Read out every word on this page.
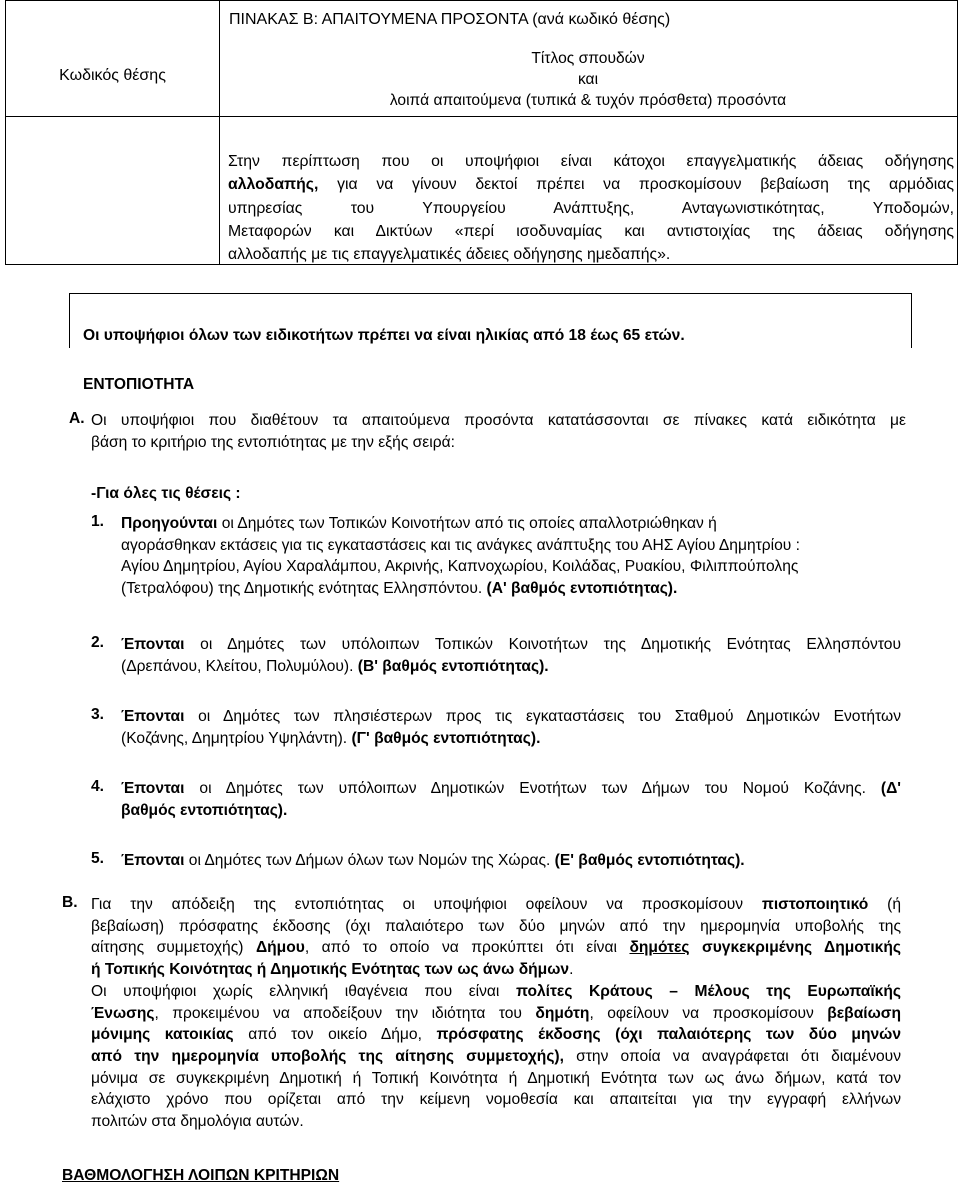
ΠΙΝΑΚΑΣ Β: ΑΠΑΙΤΟΥΜΕΝΑ ΠΡΟΣΟΝΤΑ (ανά κωδικό θέσης)
Κωδικός θέσης
Τίτλος σπουδών
και
λοιπά απαιτούμενα (τυπικά & τυχόν πρόσθετα) προσόντα
Στην περίπτωση που οι υποψήφιοι είναι κάτοχοι επαγγελματικής άδειας οδήγησης
αλλοδαπής, για να γίνουν δεκτοί πρέπει να προσκομίσουν βεβαίωση της αρμόδιας
υπηρεσίας του Υπουργείου Ανάπτυξης, Ανταγωνιστικότητας, Υποδομών,
Μεταφορών και Δικτύων «περί ισοδυναμίας και αντιστοιχίας της άδειας οδήγησης
αλλοδαπής με τις επαγγελματικές άδειες οδήγησης ημεδαπής».
Οι υποψήφιοι όλων των ειδικοτήτων πρέπει να είναι ηλικίας από 18 έως 65 ετών.
ΕΝΤΟΠΙΟΤΗΤΑ
Α. Οι υποψήφιοι που διαθέτουν τα απαιτούμενα προσόντα κατατάσσονται σε πίνακες κατά ειδικότητα με
βάση το κριτήριο της εντοπιότητας με την εξής σειρά:
-Για όλες τις θέσεις :
1. Προηγούνται οι Δημότες των Τοπικών Κοινοτήτων από τις οποίες απαλλοτριώθηκαν ή
αγοράσθηκαν εκτάσεις για τις εγκαταστάσεις και τις ανάγκες ανάπτυξης του ΑΗΣ Αγίου Δημητρίου :
Αγίου Δημητρίου, Αγίου Χαραλάμπου, Ακρινής, Καπνοχωρίου, Κοιλάδας, Ρυακίου, Φιλιππούπολης
(Τετραλόφου) της Δημοτικής ενότητας Ελλησπόντου. (Α' βαθμός εντοπιότητας).
2. Έπονται οι Δημότες των υπόλοιπων Τοπικών Κοινοτήτων της Δημοτικής Ενότητας Ελλησπόντου
(Δρεπάνου, Κλείτου, Πολυμύλου). (Β' βαθμός εντοπιότητας).
3. Έπονται οι Δημότες των πλησιέστερων προς τις εγκαταστάσεις του Σταθμού Δημοτικών Ενοτήτων
(Κοζάνης, Δημητρίου Υψηλάντη). (Γ' βαθμός εντοπιότητας).
4. Έπονται οι Δημότες των υπόλοιπων Δημοτικών Ενοτήτων των Δήμων του Νομού Κοζάνης. (Δ'
βαθμός εντοπιότητας).
5. Έπονται οι Δημότες των Δήμων όλων των Νομών της Χώρας. (Ε' βαθμός εντοπιότητας).
Β. Για την απόδειξη της εντοπιότητας οι υποψήφιοι οφείλουν να προσκομίσουν πιστοποιητικό (ή
βεβαίωση) πρόσφατης έκδοσης (όχι παλαιότερο των δύο μηνών από την ημερομηνία υποβολής της
αίτησης συμμετοχής) Δήμου, από το οποίο να προκύπτει ότι είναι δημότες συγκεκριμένης Δημοτικής
ή Τοπικής Κοινότητας ή Δημοτικής Ενότητας των ως άνω δήμων.
Οι υποψήφιοι χωρίς ελληνική ιθαγένεια που είναι πολίτες Κράτους – Μέλους της Ευρωπαϊκής
Ένωσης, προκειμένου να αποδείξουν την ιδιότητα του δημότη, οφείλουν να προσκομίσουν βεβαίωση
μόνιμης κατοικίας από τον οικείο Δήμο, πρόσφατης έκδοσης (όχι παλαιότερης των δύο μηνών
από την ημερομηνία υποβολής της αίτησης συμμετοχής), στην οποία να αναγράφεται ότι διαμένουν
μόνιμα σε συγκεκριμένη Δημοτική ή Τοπική Κοινότητα ή Δημοτική Ενότητα των ως άνω δήμων, κατά τον
ελάχιστο χρόνο που ορίζεται από την κείμενη νομοθεσία και απαιτείται για την εγγραφή ελλήνων
πολιτών στα δημολόγια αυτών.
ΒΑΘΜΟΛΟΓΗΣΗ ΛΟΙΠΩΝ ΚΡΙΤΗΡΙΩΝ
